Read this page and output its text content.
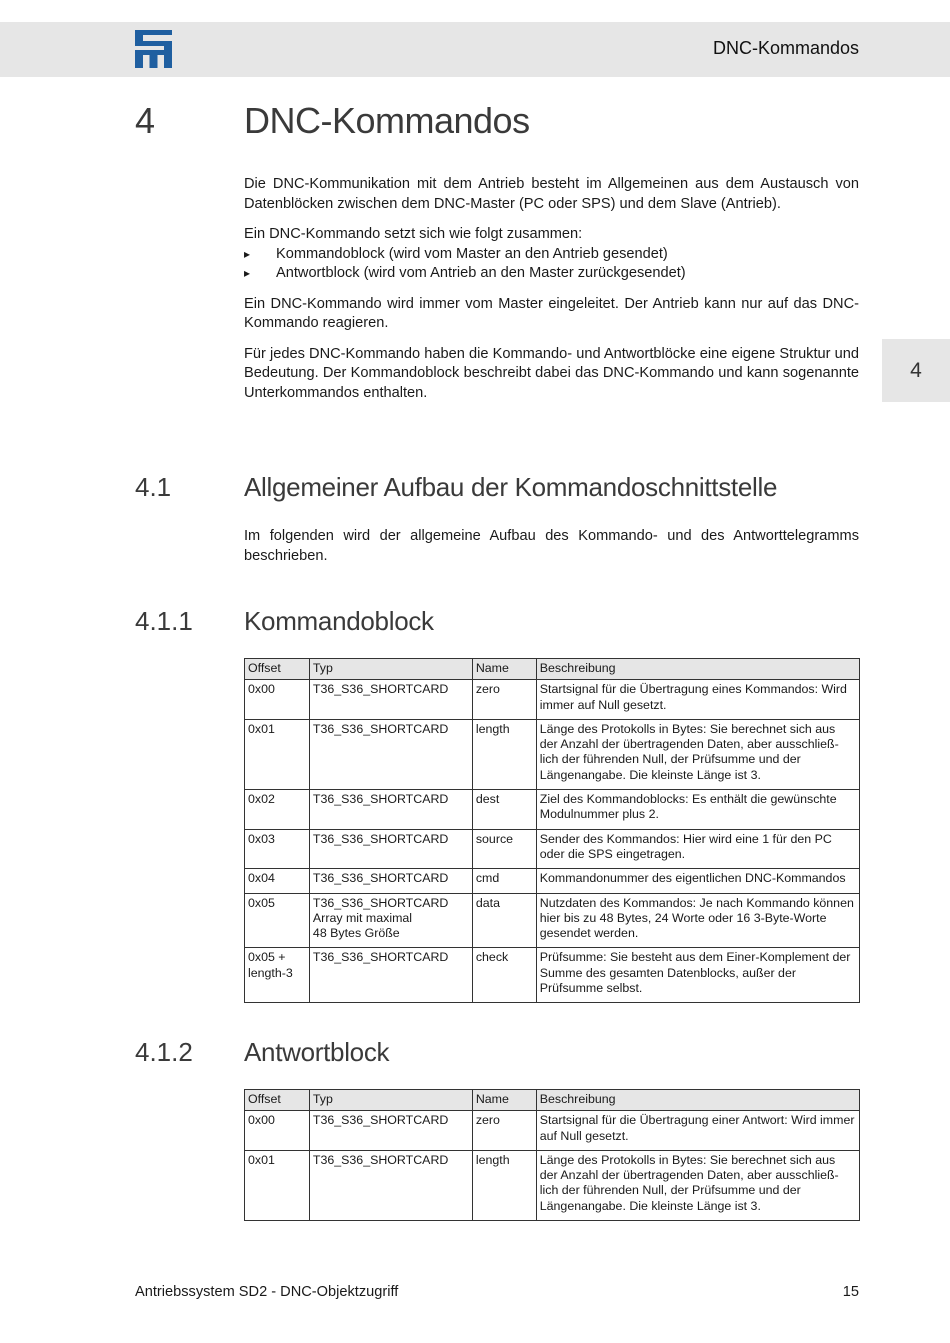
DNC-Kommandos
4
4 DNC-Kommandos

Die DNC-Kommunikation mit dem Antrieb besteht im Allgemeinen aus dem Austausch von Datenblöcken zwischen dem DNC-Master (PC oder SPS) und dem Slave (Antrieb).

Ein DNC-Kommando setzt sich wie folgt zusammen:

▸ Kommandoblock (wird vom Master an den Antrieb gesendet)
▸ Antwortblock (wird vom Antrieb an den Master zurückgesendet)

Ein DNC-Kommando wird immer vom Master eingeleitet. Der Antrieb kann nur auf das DNC-Kommando reagieren.

Für jedes DNC-Kommando haben die Kommando- und Antwortblöcke eine eigene Struktur und Bedeutung. Der Kommandoblock beschreibt dabei das DNC-Kommando und kann sogenannte Unterkommandos enthalten.

4.1	Allgemeiner Aufbau der Kommandoschnittstelle

Im folgenden wird der allgemeine Aufbau des Kommando- und des Antworttelegramms beschrieben.

4.1.1 Kommandoblock
Offset	Typ	Name	Beschreibung
0x00	T36_S36_SHORTCARD	zero	Startsignal für die Übertragung eines Kommandos: Wird immer auf Null gesetzt.
0x01	T36_S36_SHORTCARD	length	Länge des Protokolls in Bytes: Sie berechnet sich aus der Anzahl der übertragenden Daten, aber ausschließ-lich der führenden Null, der Prüfsumme und der Längenangabe. Die kleinste Länge ist 3.
0x02	T36_S36_SHORTCARD	dest	Ziel des Kommandoblocks: Es enthält die gewünschte Modulnummer plus 2.
0x03	T36_S36_SHORTCARD	source	Sender des Kommandos: Hier wird eine 1 für den PC oder die SPS eingetragen.
0x04	T36_S36_SHORTCARD	cmd	Kommandonummer des eigentlichen DNC-Kommandos
0x05	T36_S36_SHORTCARD
Array mit maximal
48 Bytes Größe	data	Nutzdaten des Kommandos: Je nach Kommando können hier bis zu 48 Bytes, 24 Worte oder 16 3-Byte-Worte gesendet werden.
0x05 +
length-3	T36_S36_SHORTCARD	check	Prüfsumme: Sie besteht aus dem Einer-Komplement der Summe des gesamten Datenblocks, außer der Prüfsumme selbst.
4.1.2 Antwortblock
Offset	Typ	Name	Beschreibung
0x00	T36_S36_SHORTCARD	zero	Startsignal für die Übertragung einer Antwort: Wird immer auf Null gesetzt.
0x01	T36_S36_SHORTCARD	length	Länge des Protokolls in Bytes: Sie berechnet sich aus der Anzahl der übertragenden Daten, aber ausschließ-lich der führenden Null, der Prüfsumme und der Längenangabe. Die kleinste Länge ist 3.
Antriebssystem SD2 - DNC-Objektzugriff	15
